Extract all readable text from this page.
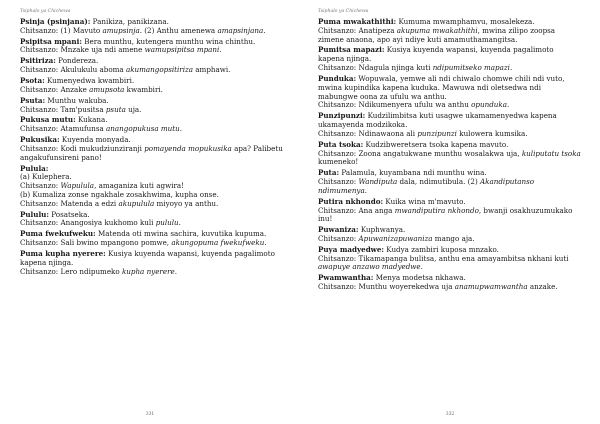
Tsiphalo ya Chichewa

Psinja (psinjana): Panikiza, panikizana.

Chitsanzo: (1) Mavuto amupsinja. (2) Anthu amenewa amapsinjana.

Psipitsa mpani: Bera munthu, kutengera munthu wina chinthu.

Chitsanzo: Mnzake uja ndi amene wamupsipitsa mpani.

Psitiriza: Pondereza.

Chitsanzo: Akulukulu aboma akumangopsitiriza amphawi.

Psota: Kumenyedwa kwambiri.

Chitsanzo: Anzake amupsota kwambiri.

Psuta: Munthu wakuba.

Chitsanzo: Tam'pusitsa psuta uja.

Pukusa mutu: Kukana.

Chitsanzo: Atamufunsa anangopukusa mutu.

Pukusika: Kuyenda monyada.

Chitsanzo: Kodi mukudziunziranji pomayenda mopukusika apa? Palibetu angakufunsireni pano!

Pulula:

(a) Kulephera.

Chitsanzo: Wapulula, amaganiza kuti agwira!

(b) Kumaliza zonse ngakhale zosakhwima, kupha onse.

Chitsanzo: Matenda a edzi akupulula miyoyo ya anthu.

Pululu: Posatseka.

Chitsanzo: Anangosiya kukhomo kuli pululu.

Puma fwekufweku: Matenda oti mwina sachira, kuvutika kupuma.

Chitsanzo: Sali bwino mpangono pomwe, akungopuma fwekufweku.

Puma kupha nyerere: Kusiya kuyenda wapansi, kuyenda pagalimoto kapena njinga.

Chitsanzo: Lero ndipumeko kupha nyerere.

331
Tsiphalo ya Chichewa

Puma mwakathithi: Kumuma mwamphamvu, mosalekeza.

Chitsanzo: Anatipeza akupuma mwakathithi, mwina zilipo zoopsa zimene anaona, apo ayi ndiye kuti amamuthamangitsa.

Pumitsa mapazi: Kusiya kuyenda wapansi, kuyenda pagalimoto kapena njinga.

Chitsanzo: Ndagula njinga kuti ndipumitseko mapazi.

Punduka: Wopuwala, yemwe ali ndi chiwalo chomwe chili ndi vuto, mwina kupindika kapena kuduka. Mawuwa ndi oletsedwa ndi mabungwe oona za ufulu wa anthu.

Chitsanzo: Ndikumenyera ufulu wa anthu opunduka.

Punzipunzi: Kudzilimbitsa kuti usagwe ukamamenyedwa kapena ukamayenda modzikoka.

Chitsanzo: Ndinawaona ali punzipunzi kulowera kumsika.

Puta tsoka: Kudzibweretsera tsoka kapena mavuto.

Chitsanzo: Zoona angatukwane munthu wosalakwa uja, kuliputatu tsoka kumeneko!

Puta: Palamula, kuyambana ndi munthu wina.

Chitsanzo: Wandiputa dala, ndimutibula. (2) Akandiputanso ndimumenya.

Putira nkhondo: Kuika wina m'mavuto.

Chitsanzo: Ana anga mwandiputira nkhondo, bwanji osakhuzumukako inu!

Puwaniza: Kuphwanya.

Chitsanzo: Apuwanizapuwaniza mango aja.

Puya madyedwe: Kudya zambiri kuposa mnzako.

Chitsanzo: Tikamapanga bulitsa, anthu ena amayambitsa nkhani kuti awapuye anzawo madyedwe.

Pwamwantha: Menya modetsa nkhawa.

Chitsanzo: Munthu woyerekedwa uja anamupwamwantha anzake.

332
